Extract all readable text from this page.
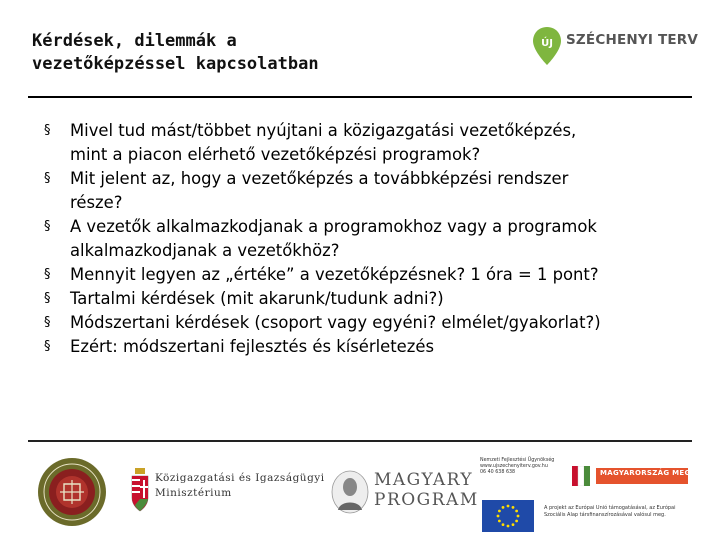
Kérdések, dilemmák a
vezetőképzéssel kapcsolatban
ÚJ SZÉCHENYI TERV
§ Mivel tud mást/többet nyújtani a közigazgatási vezetőképzés,
mint a piacon elérhető vezetőképzési programok?
§ Mit jelent az, hogy a vezetőképzés a továbbképzési rendszer
része?
§ A vezetők alkalmazkodjanak a programokhoz vagy a programok
alkalmazkodjanak a vezetőkhöz?
§ Mennyit legyen az „értéke” a vezetőképzésnek? 1 óra = 1 pont?
§ Tartalmi kérdések (mit akarunk/tudunk adni?)
§ Módszertani kérdések (csoport vagy egyéni? elmélet/gyakorlat?)
§ Ezért: módszertani fejlesztés és kísérletezés
Közigazgatási és Igazságügyi
Minisztérium
MAGYARY
PROGRAM
Nemzeti Fejlesztési Ügynökség
www.ujszechenyiterv.gov.hu
06 40 638 638	MAGYARORSZÁG MEGÚJUL
A projekt az Európai Unió támogatásával, az Európai
Szociális Alap társfinanszírozásával valósul meg.
